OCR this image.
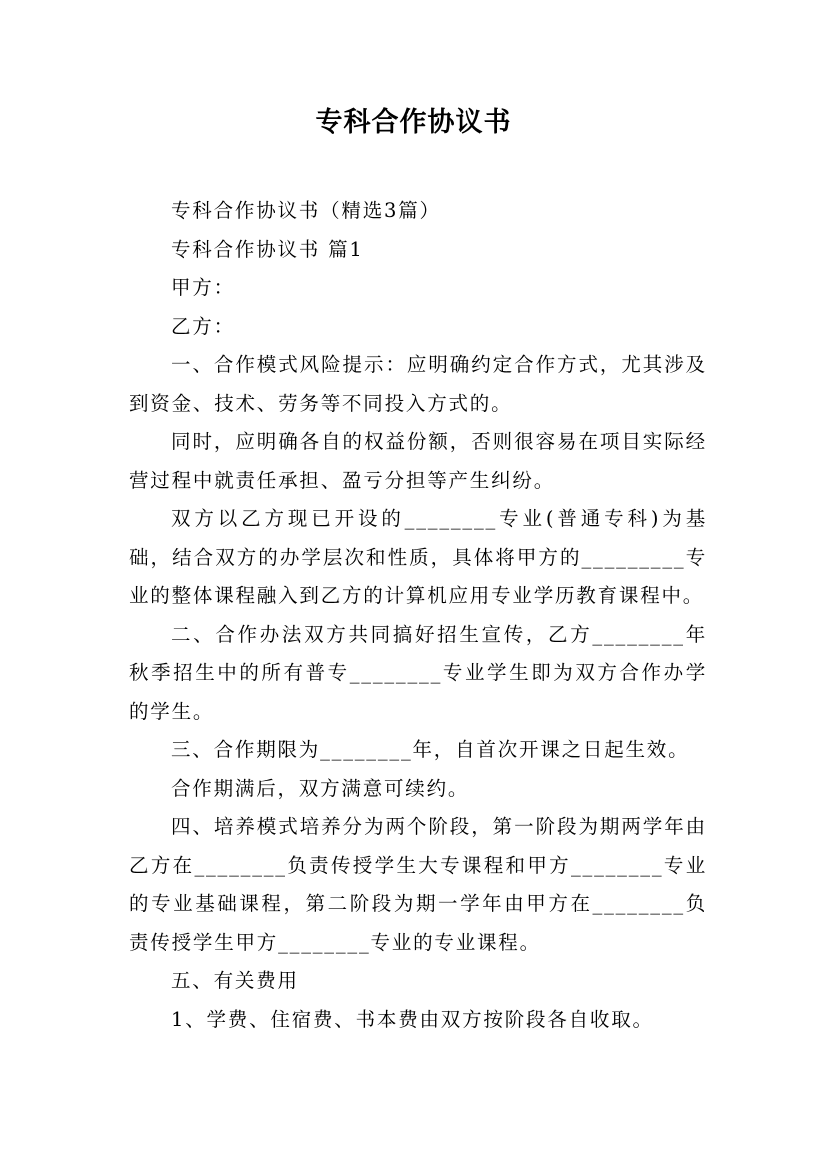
专科合作协议书

专科合作协议书（精选3篇）

专科合作协议书 篇1

甲方：

乙方：

一、合作模式风险提示：应明确约定合作方式，尤其涉及到资金、技术、劳务等不同投入方式的。

同时，应明确各自的权益份额，否则很容易在项目实际经营过程中就责任承担、盈亏分担等产生纠纷。

双方以乙方现已开设的________专业(普通专科)为基础，结合双方的办学层次和性质，具体将甲方的_________专业的整体课程融入到乙方的计算机应用专业学历教育课程中。

二、合作办法双方共同搞好招生宣传，乙方________年秋季招生中的所有普专________专业学生即为双方合作办学的学生。

三、合作期限为________年，自首次开课之日起生效。

合作期满后，双方满意可续约。

四、培养模式培养分为两个阶段，第一阶段为期两学年由乙方在________负责传授学生大专课程和甲方________专业的专业基础课程，第二阶段为期一学年由甲方在________负责传授学生甲方________专业的专业课程。

五、有关费用

1、学费、住宿费、书本费由双方按阶段各自收取。
